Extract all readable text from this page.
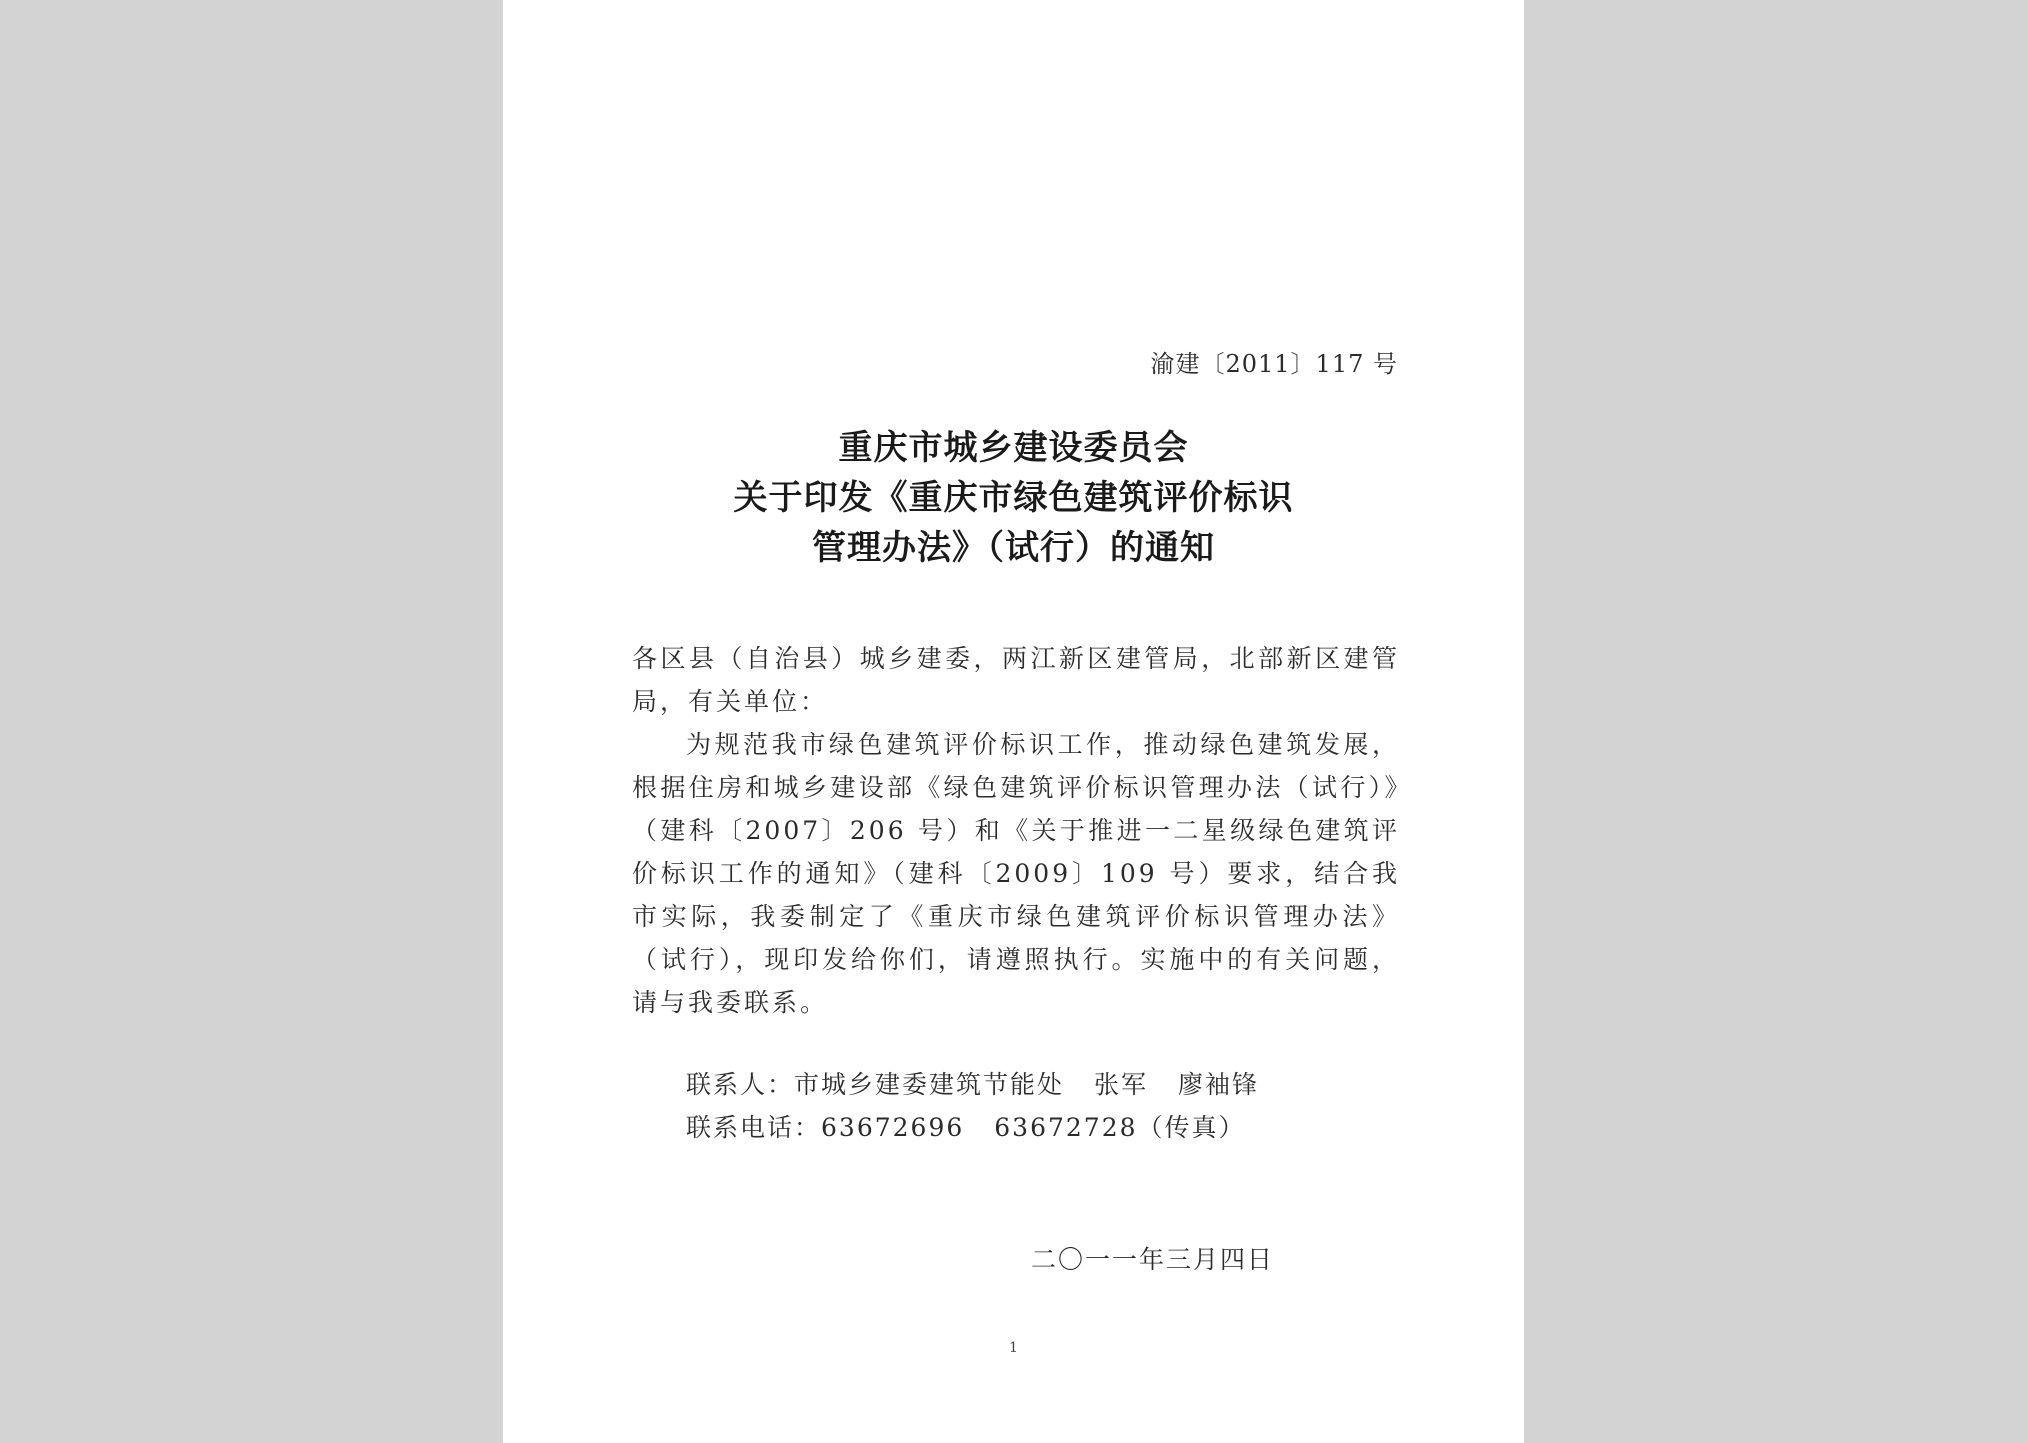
渝建〔2011〕117 号
重庆市城乡建设委员会
关于印发《重庆市绿色建筑评价标识
管理办法》（试行）的通知

各区县（自治县）城乡建委，两江新区建管局，北部新区建管局，有关单位：

为规范我市绿色建筑评价标识工作，推动绿色建筑发展，根据住房和城乡建设部《绿色建筑评价标识管理办法（试行）》（建科〔2007〕206 号）和《关于推进一二星级绿色建筑评价标识工作的通知》（建科〔2009〕109 号）要求，结合我市实际，我委制定了《重庆市绿色建筑评价标识管理办法》（试行），现印发给你们，请遵照执行。实施中的有关问题，请与我委联系。

联系人：市城乡建委建筑节能处 张军 廖袖锋
联系电话：63672696 63672728（传真）
二〇一一年三月四日
1
